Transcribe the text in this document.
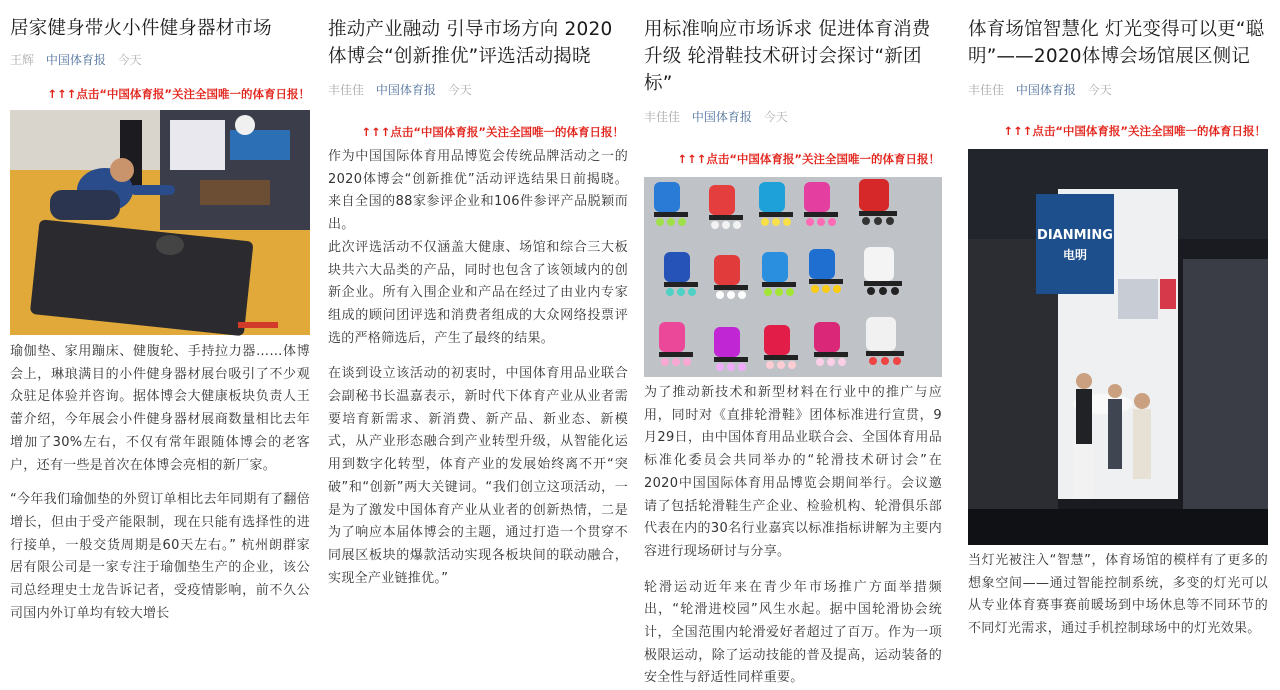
居家健身带火小件健身器材市场
王辉 中国体育报 今天
↑↑↑点击“中国体育报”关注全国唯一的体育日报！

瑜伽垫、家用蹦床、健腹轮、手持拉力器……体博会上，琳琅满目的小件健身器材展台吸引了不少观众驻足体验并咨询。据体博会大健康板块负责人王蕾介绍，今年展会小件健身器材展商数量相比去年增加了30%左右，不仅有常年跟随体博会的老客户，还有一些是首次在体博会亮相的新厂家。

“今年我们瑜伽垫的外贸订单相比去年同期有了翻倍增长，但由于受产能限制，现在只能有选择性的进行接单，一般交货周期是60天左右。” 杭州朗群家居有限公司是一家专注于瑜伽垫生产的企业，该公司总经理史士龙告诉记者，受疫情影响，前不久公司国内外订单均有较大增长

推动产业融动 引导市场方向 2020体博会“创新推优”评选活动揭晓
丰佳佳 中国体育报 今天
↑↑↑点击“中国体育报”关注全国唯一的体育日报！

作为中国国际体育用品博览会传统品牌活动之一的2020体博会“创新推优”活动评选结果日前揭晓。来自全国的88家参评企业和106件参评产品脱颖而出。

此次评选活动不仅涵盖大健康、场馆和综合三大板块共六大品类的产品，同时也包含了该领域内的创新企业。所有入围企业和产品在经过了由业内专家组成的顾问团评选和消费者组成的大众网络投票评选的严格筛选后，产生了最终的结果。

在谈到设立该活动的初衷时，中国体育用品业联合会副秘书长温嘉表示，新时代下体育产业从业者需要培育新需求、新消费、新产品、新业态、新模式，从产业形态融合到产业转型升级，从智能化运用到数字化转型，体育产业的发展始终离不开“突破”和“创新”两大关键词。“我们创立这项活动，一是为了激发中国体育产业从业者的创新热情，二是为了响应本届体博会的主题，通过打造一个贯穿不同展区板块的爆款活动实现各板块间的联动融合，实现全产业链推优。”

用标准响应市场诉求 促进体育消费升级 轮滑鞋技术研讨会探讨“新团标”
丰佳佳 中国体育报 今天
↑↑↑点击“中国体育报”关注全国唯一的体育日报！

为了推动新技术和新型材料在行业中的推广与应用，同时对《直排轮滑鞋》团体标准进行宣贯，9月29日，由中国体育用品业联合会、全国体育用品标准化委员会共同举办的“轮滑技术研讨会”在2020中国国际体育用品博览会期间举行。会议邀请了包括轮滑鞋生产企业、检验机构、轮滑俱乐部代表在内的30名行业嘉宾以标准指标讲解为主要内容进行现场研讨与分享。

轮滑运动近年来在青少年市场推广方面举措频出，“轮滑进校园”风生水起。据中国轮滑协会统计，全国范围内轮滑爱好者超过了百万。作为一项极限运动，除了运动技能的普及提高，运动装备的安全性与舒适性同样重要。

体育场馆智慧化 灯光变得可以更“聪明”——2020体博会场馆展区侧记
丰佳佳 中国体育报 今天
↑↑↑点击“中国体育报”关注全国唯一的体育日报！
DIANMING
电明

当灯光被注入“智慧”，体育场馆的模样有了更多的想象空间——通过智能控制系统，多变的灯光可以从专业体育赛事赛前暖场到中场休息等不同环节的不同灯光需求，通过手机控制球场中的灯光效果。
